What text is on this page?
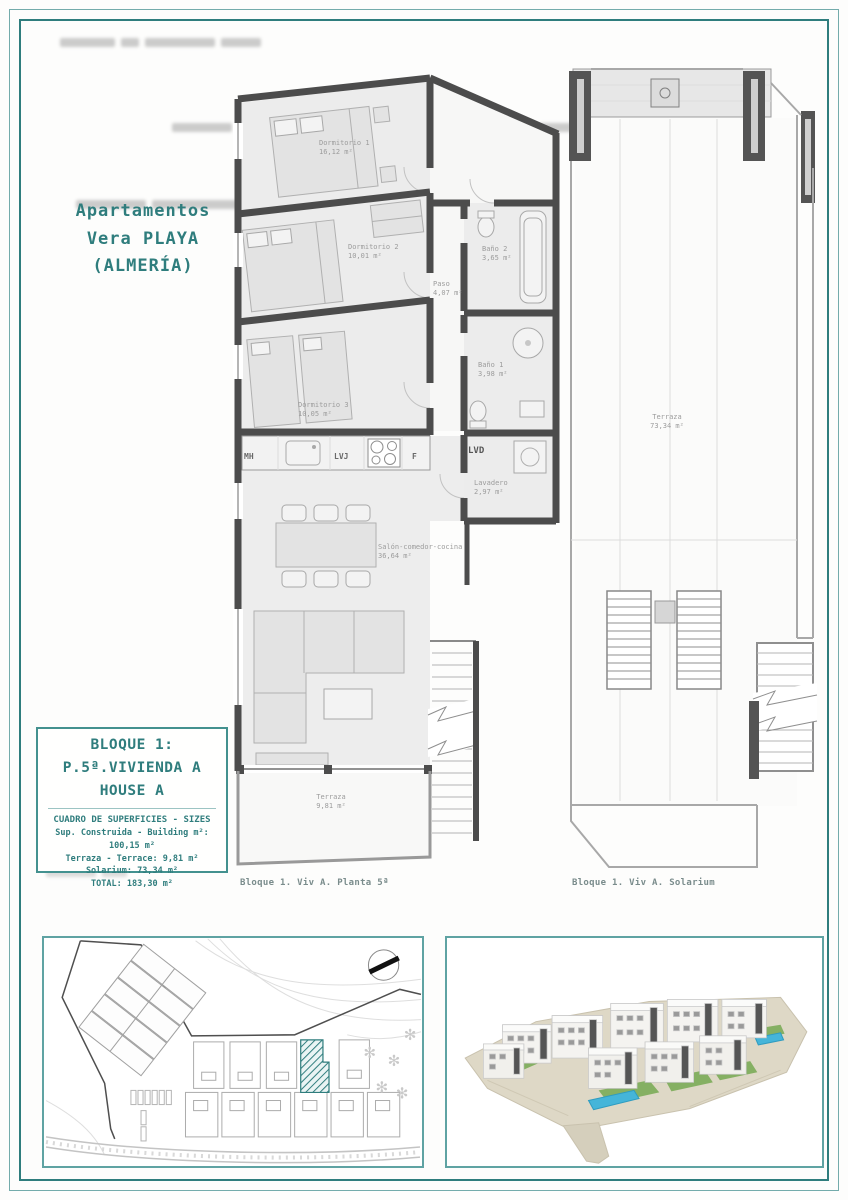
Apartamentos
Vera PLAYA
(ALMERÍA)
Dormitorio 1
16,12 m²
Dormitorio 2
10,01 m²
Dormitorio 3
10,05 m²
Baño 2
3,65 m²
Paso
4,07 m²
Baño 1
3,98 m²
Lavadero
2,97 m²
Salón-comedor-cocina
36,64 m²
Terraza
9,81 m²
MH	LVJ	F
LVD
Terraza
73,34 m²
BLOQUE 1:
P.5ª.VIVIENDA A
HOUSE A
CUADRO DE SUPERFICIES - SIZES
Sup. Construida - Building m²: 100,15 m²
Terraza - Terrace: 9,81 m²
Solarium: 73,34 m²
TOTAL: 183,30 m²	Bloque 1. Viv A. Planta 5ª	Bloque 1. Viv A. Solarium
✻ ✻
✻ ✻
✻
